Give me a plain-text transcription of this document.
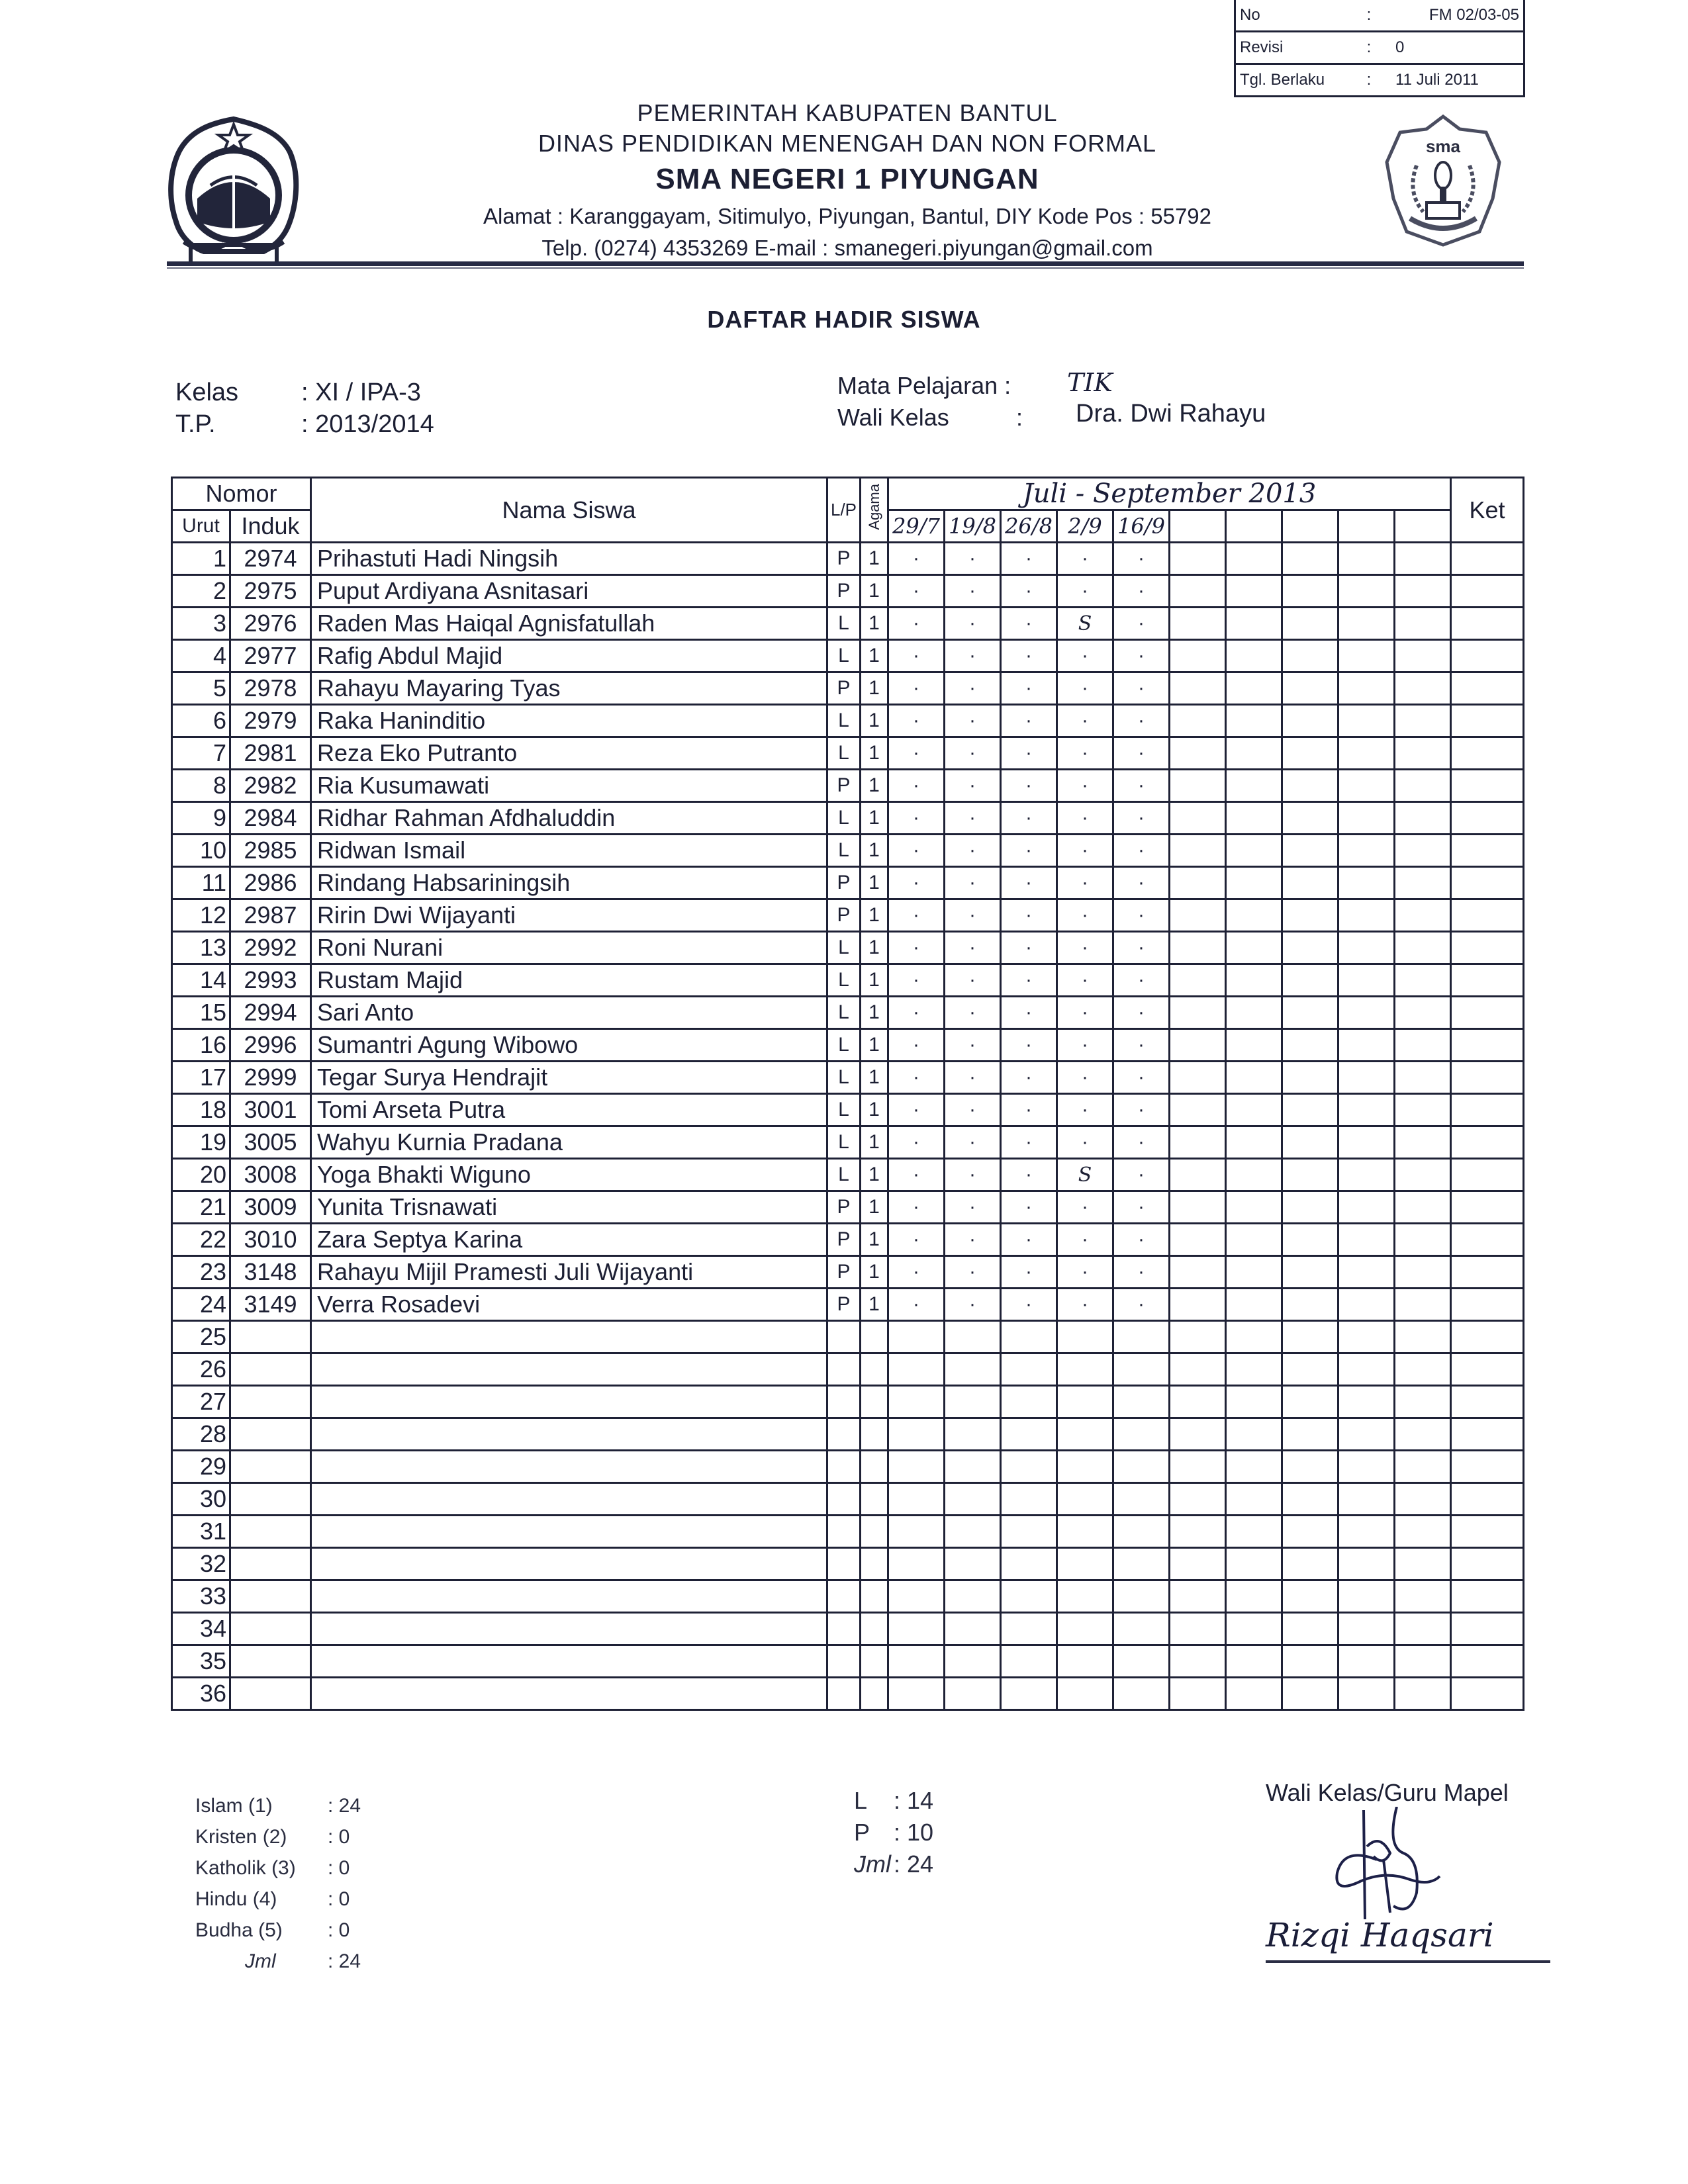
No	:	FM 02/03-05
Revisi	:	0
Tgl. Berlaku	:	11 Juli 2011
sma
PEMERINTAH KABUPATEN BANTUL
DINAS PENDIDIKAN MENENGAH DAN NON FORMAL
SMA NEGERI 1 PIYUNGAN
Alamat : Karanggayam, Sitimulyo, Piyungan, Bantul, DIY Kode Pos : 55792
Telp. (0274) 4353269 E-mail : smanegeri.piyungan@gmail.com
DAFTAR HADIR SISWA
Kelas : XI / IPA-3
T.P.	: 2013/2014
Mata Pelajaran : TIK
Wali Kelas	: Dra. Dwi Rahayu
Nomor		Nama Siswa	L/P	Agama	Juli - September 2013										Ket
Urut	Induk				29/7	19/8	26/8	2/9	16/9						
1	2974	Prihastuti Hadi Ningsih	P	1	·	·	·	·	·						
2	2975	Puput Ardiyana Asnitasari	P	1	·	·	·	·	·						
3	2976	Raden Mas Haiqal Agnisfatullah	L	1	·	·	·	S	·						
4	2977	Rafig Abdul Majid	L	1	·	·	·	·	·						
5	2978	Rahayu Mayaring Tyas	P	1	·	·	·	·	·						
6	2979	Raka Haninditio	L	1	·	·	·	·	·						
7	2981	Reza Eko Putranto	L	1	·	·	·	·	·						
8	2982	Ria Kusumawati	P	1	·	·	·	·	·						
9	2984	Ridhar Rahman Afdhaluddin	L	1	·	·	·	·	·						
10	2985	Ridwan Ismail	L	1	·	·	·	·	·						
11	2986	Rindang Habsariningsih	P	1	·	·	·	·	·						
12	2987	Ririn Dwi Wijayanti	P	1	·	·	·	·	·						
13	2992	Roni Nurani	L	1	·	·	·	·	·						
14	2993	Rustam Majid	L	1	·	·	·	·	·						
15	2994	Sari Anto	L	1	·	·	·	·	·						
16	2996	Sumantri Agung Wibowo	L	1	·	·	·	·	·						
17	2999	Tegar Surya Hendrajit	L	1	·	·	·	·	·						
18	3001	Tomi Arseta Putra	L	1	·	·	·	·	·						
19	3005	Wahyu Kurnia Pradana	L	1	·	·	·	·	·						
20	3008	Yoga Bhakti Wiguno	L	1	·	·	·	S	·						
21	3009	Yunita Trisnawati	P	1	·	·	·	·	·						
22	3010	Zara Septya Karina	P	1	·	·	·	·	·						
23	3148	Rahayu Mijil Pramesti Juli Wijayanti	P	1	·	·	·	·	·						
24	3149	Verra Rosadevi	P	1	·	·	·	·	·						
25															
26															
27															
28															
29															
30															
31															
32															
33															
34															
35															
36															
Islam (1)	: 24
Kristen (2) : 0
Katholik (3) : 0
Hindu (4)	: 0
Budha (5) : 0
Jml	: 24
L : 14
P : 10
Jml : 24
Wali Kelas/Guru Mapel
Rizqi Haqsari
